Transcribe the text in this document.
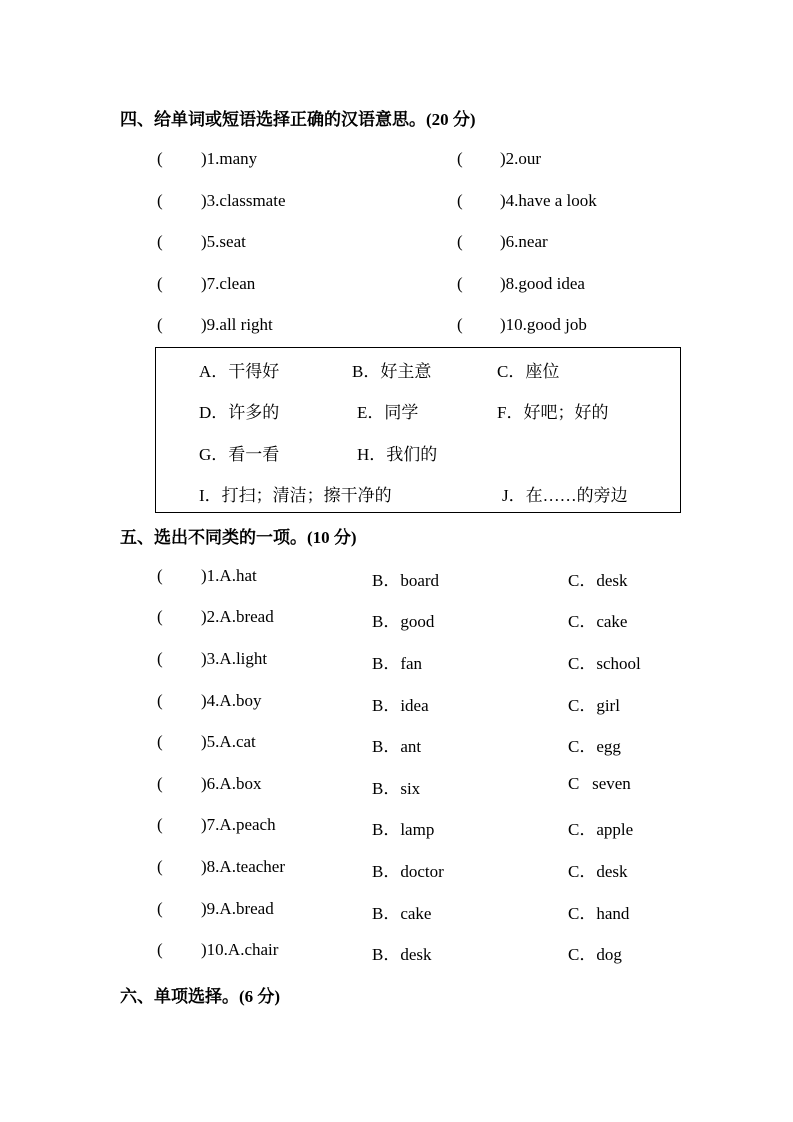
四、给单词或短语选择正确的汉语意思。(20 分)
( )1.many	( )2.our
( )3.classmate	( )4.have a look
( )5.seat	( )6.near
( )7.clean	( )8.good idea
( )9.all right	( )10.good job
A．干得好	B．好主意	C．座位
D．许多的	E．同学	F．好吧；好的
G．看一看	H．我们的
I．打扫；清洁；擦干净的	J．在……的旁边
五、选出不同类的一项。(10 分)
( )1.A.hat	B．board	C．desk
( )2.A.bread	B．good	C．cake
( )3.A.light	B．fan	C．school
( )4.A.boy	B．idea	C．girl
( )5.A.cat	B．ant	C．egg
( )6.A.box	B．six	C   seven
( )7.A.peach	B．lamp	C．apple
( )8.A.teacher	B．doctor	C．desk
( )9.A.bread	B．cake	C．hand
( )10.A.chair	B．desk	C．dog
六、单项选择。(6 分)
